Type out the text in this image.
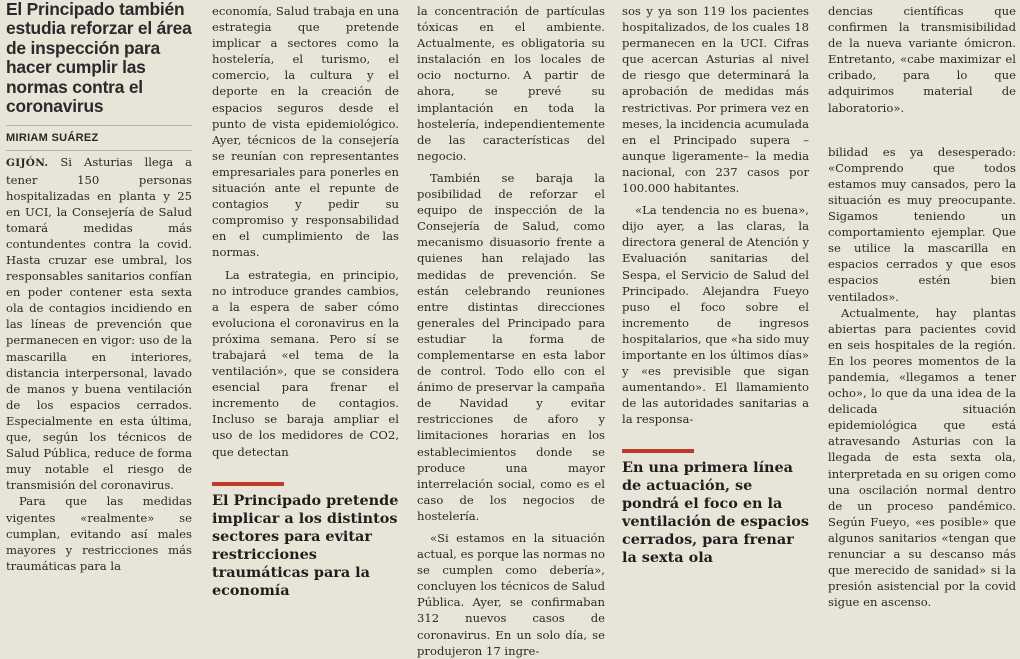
El Principado también estudia reforzar el área de inspección para hacer cumplir las normas contra el coronavirus

MIRIAM SUÁREZ

GIJÓN. Si Asturias llega a tener 150 personas hospitalizadas en planta y 25 en UCI, la Consejería de Salud tomará medidas más contundentes contra la covid. Hasta cruzar ese umbral, los responsables sanitarios confían en poder contener esta sexta ola de contagios incidiendo en las líneas de prevención que permanecen en vigor: uso de la mascarilla en interiores, distancia interpersonal, lavado de manos y buena ventilación de los espacios cerrados. Especialmente en esta última, que, según los técnicos de Salud Pública, reduce de forma muy notable el riesgo de transmisión del coronavirus.

Para que las medidas vigentes «realmente» se cumplan, evitando así males mayores y restricciones más traumáticas para la

economía, Salud trabaja en una estrategia que pretende implicar a sectores como la hostelería, el turismo, el comercio, la cultura y el deporte en la creación de espacios seguros desde el punto de vista epidemiológico. Ayer, técnicos de la consejería se reunían con representantes empresariales para ponerles en situación ante el repunte de contagios y pedir su compromiso y responsabilidad en el cumplimiento de las normas.

La estrategia, en principio, no introduce grandes cambios, a la espera de saber cómo evoluciona el coronavirus en la próxima semana. Pero sí se trabajará «el tema de la ventilación», que se considera esencial para frenar el incremento de contagios. Incluso se baraja ampliar el uso de los medidores de CO2, que detectan

El Principado pretende implicar a los distintos sectores para evitar restricciones traumáticas para la economía

la concentración de partículas tóxicas en el ambiente. Actualmente, es obligatoria su instalación en los locales de ocio nocturno. A partir de ahora, se prevé su implantación en toda la hostelería, independientemente de las características del negocio.

También se baraja la posibilidad de reforzar el equipo de inspección de la Consejería de Salud, como mecanismo disuasorio frente a quienes han relajado las medidas de prevención. Se están celebrando reuniones entre distintas direcciones generales del Principado para estudiar la forma de complementarse en esta labor de control. Todo ello con el ánimo de preservar la campaña de Navidad y evitar restricciones de aforo y limitaciones horarias en los establecimientos donde se produce una mayor interrelación social, como es el caso de los negocios de hostelería.

«Si estamos en la situación actual, es porque las normas no se cumplen como debería», concluyen los técnicos de Salud Pública. Ayer, se confirmaban 312 nuevos casos de coronavirus. En un solo día, se produjeron 17 ingre-

sos y ya son 119 los pacientes hospitalizados, de los cuales 18 permanecen en la UCI. Cifras que acercan Asturias al nivel de riesgo que determinará la aprobación de medidas más restrictivas. Por primera vez en meses, la incidencia acumulada en el Principado supera –aunque ligeramente– la media nacional, con 237 casos por 100.000 habitantes.

«La tendencia no es buena», dijo ayer, a las claras, la directora general de Atención y Evaluación sanitarias del Sespa, el Servicio de Salud del Principado. Alejandra Fueyo puso el foco sobre el incremento de ingresos hospitalarios, que «ha sido muy importante en los últimos días» y «es previsible que sigan aumentando». El llamamiento de las autoridades sanitarias a la responsa-

En una primera línea de actuación, se pondrá el foco en la ventilación de espacios cerrados, para frenar la sexta ola

dencias científicas que confirmen la transmisibilidad de la nueva variante ómicron. Entretanto, «cabe maximizar el cribado, para lo que adquirimos material de laboratorio».

bilidad es ya desesperado: «Comprendo que todos estamos muy cansados, pero la situación es muy preocupante. Sigamos teniendo un comportamiento ejemplar. Que se utilice la mascarilla en espacios cerrados y que esos espacios estén bien ventilados».

Actualmente, hay plantas abiertas para pacientes covid en seis hospitales de la región. En los peores momentos de la pandemia, «llegamos a tener ocho», lo que da una idea de la delicada situación epidemiológica que está atravesando Asturias con la llegada de esta sexta ola, interpretada en su origen como una oscilación normal dentro de un proceso pandémico. Según Fueyo, «es posible» que algunos sanitarios «tengan que renunciar a su descanso más que merecido de sanidad» si la presión asistencial por la covid sigue en ascenso.
